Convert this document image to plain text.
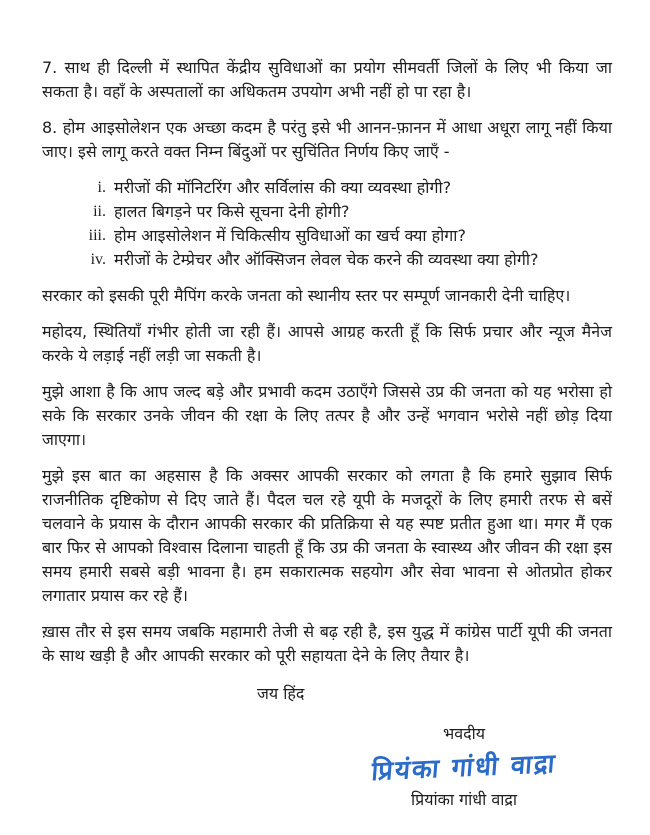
7. साथ ही दिल्ली में स्थापित केंद्रीय सुविधाओं का प्रयोग सीमवर्ती जिलों के लिए भी किया जा सकता है। वहाँ के अस्पतालों का अधिकतम उपयोग अभी नहीं हो पा रहा है।

8. होम आइसोलेशन एक अच्छा कदम है परंतु इसे भी आनन-फ़ानन में आधा अधूरा लागू नहीं किया जाए। इसे लागू करते वक्त निम्न बिंदुओं पर सुचिंतित निर्णय किए जाएँ -

i. मरीजों की मॉनिटरिंग और सर्विलांस की क्या व्यवस्था होगी?
ii. हालत बिगड़ने पर किसे सूचना देनी होगी?
iii. होम आइसोलेशन में चिकित्सीय सुविधाओं का खर्च क्या होगा?
iv. मरीजों के टेम्प्रेचर और ऑक्सिजन लेवल चेक करने की व्यवस्था क्या होगी?

सरकार को इसकी पूरी मैपिंग करके जनता को स्थानीय स्तर पर सम्पूर्ण जानकारी देनी चाहिए।

महोदय, स्थितियाँ गंभीर होती जा रही हैं। आपसे आग्रह करती हूँ कि सिर्फ प्रचार और न्यूज मैनेज करके ये लड़ाई नहीं लड़ी जा सकती है।

मुझे आशा है कि आप जल्द बड़े और प्रभावी कदम उठाएँगे जिससे उप्र की जनता को यह भरोसा हो सके कि सरकार उनके जीवन की रक्षा के लिए तत्पर है और उन्हें भगवान भरोसे नहीं छोड़ दिया जाएगा।

मुझे इस बात का अहसास है कि अक्सर आपकी सरकार को लगता है कि हमारे सुझाव सिर्फ राजनीतिक दृष्टिकोण से दिए जाते हैं। पैदल चल रहे यूपी के मजदूरों के लिए हमारी तरफ से बसें चलवाने के प्रयास के दौरान आपकी सरकार की प्रतिक्रिया से यह स्पष्ट प्रतीत हुआ था। मगर मैं एक बार फिर से आपको विश्वास दिलाना चाहती हूँ कि उप्र की जनता के स्वास्थ्य और जीवन की रक्षा इस समय हमारी सबसे बड़ी भावना है। हम सकारात्मक सहयोग और सेवा भावना से ओतप्रोत होकर लगातार प्रयास कर रहे हैं।

ख़ास तौर से इस समय जबकि महामारी तेजी से बढ़ रही है, इस युद्ध में कांग्रेस पार्टी यूपी की जनता के साथ खड़ी है और आपकी सरकार को पूरी सहायता देने के लिए तैयार है।

जय हिंद
भवदीय
प्रियंका गांधी वाद्रा
प्रियांका गांधी वाद्रा
